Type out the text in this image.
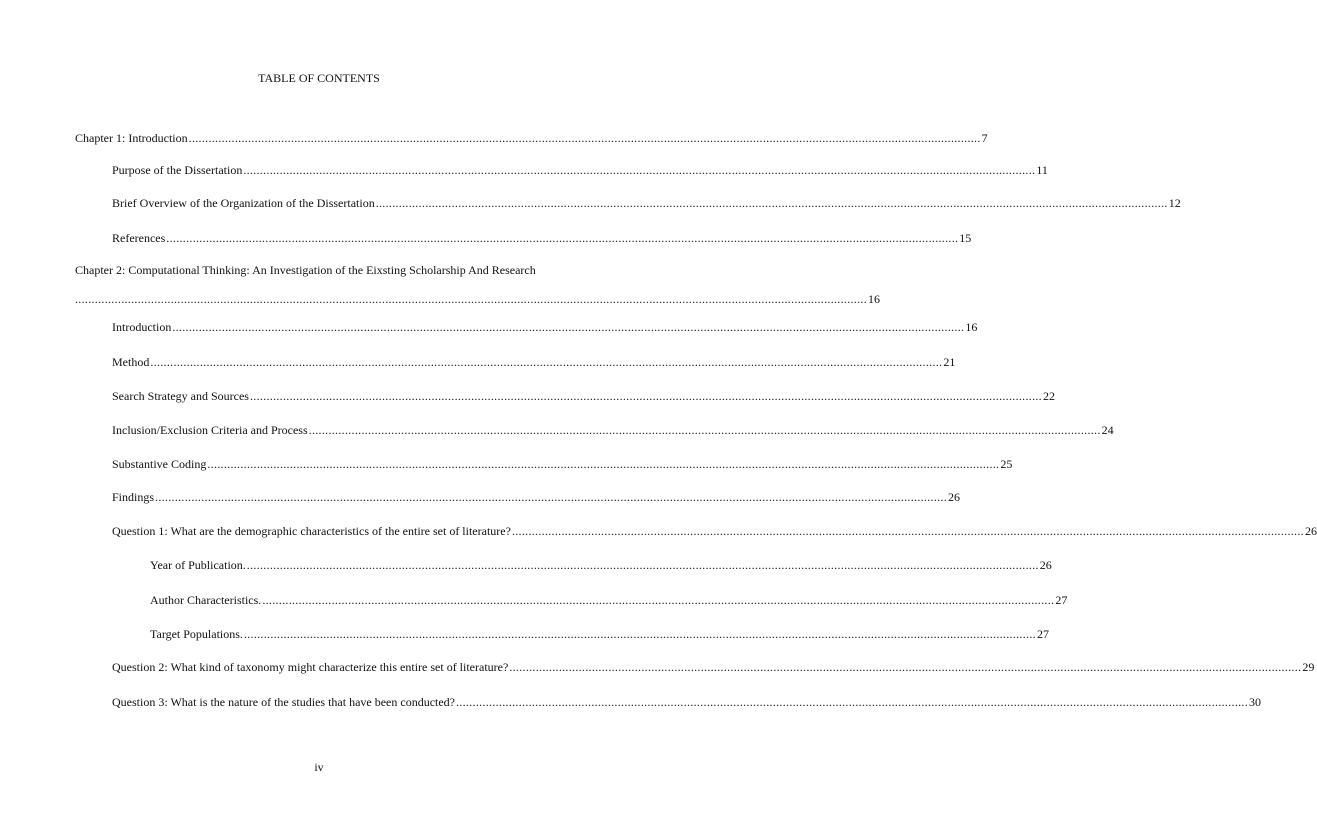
TABLE OF CONTENTS
Chapter 1: Introduction ................................................................................................................................................................................................................................................ 7
Purpose of the Dissertation ................................................................................................................................................................................................................................................ 11
Brief Overview of the Organization of the Dissertation ................................................................................................................................................................................................................................................ 12
References ................................................................................................................................................................................................................................................ 15
Chapter 2: Computational Thinking: An Investigation of the Eixsting Scholarship And Research
................................................................................................................................................................................................................................................ 16
Introduction ................................................................................................................................................................................................................................................ 16
Method ................................................................................................................................................................................................................................................ 21
Search Strategy and Sources ................................................................................................................................................................................................................................................ 22
Inclusion/Exclusion Criteria and Process ................................................................................................................................................................................................................................................ 24
Substantive Coding ................................................................................................................................................................................................................................................ 25
Findings ................................................................................................................................................................................................................................................ 26
Question 1: What are the demographic characteristics of the entire set of literature? ................................................................................................................................................................................................................................................ 26
Year of Publication. ................................................................................................................................................................................................................................................ 26
Author Characteristics. ................................................................................................................................................................................................................................................ 27
Target Populations. ................................................................................................................................................................................................................................................ 27
Question 2: What kind of taxonomy might characterize this entire set of literature? ................................................................................................................................................................................................................................................ 29
Question 3: What is the nature of the studies that have been conducted? ................................................................................................................................................................................................................................................ 30
iv
